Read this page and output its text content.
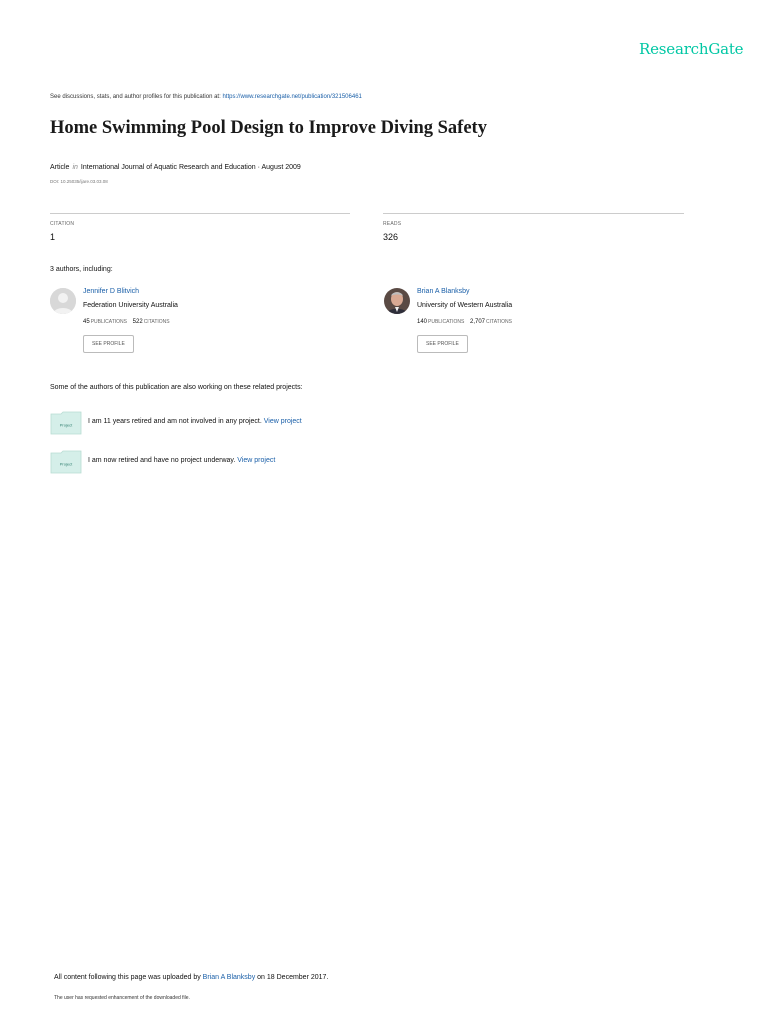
ResearchGate
See discussions, stats, and author profiles for this publication at: https://www.researchgate.net/publication/321506461
Home Swimming Pool Design to Improve Diving Safety
Article in International Journal of Aquatic Research and Education · August 2009
DOI: 10.25035/ijare.03.03.08
CITATION
1
READS
326
3 authors, including:
Jennifer D Blitvich
Federation University Australia
45PUBLICATIONS 522CITATIONS
SEE PROFILE
Brian A Blanksby
University of Western Australia
140PUBLICATIONS 2,707CITATIONS
SEE PROFILE
Some of the authors of this publication are also working on these related projects:
Project I am 11 years retired and am not involved in any project. View project
Project I am now retired and have no project underway. View project
All content following this page was uploaded by Brian A Blanksby on 18 December 2017.
The user has requested enhancement of the downloaded file.
